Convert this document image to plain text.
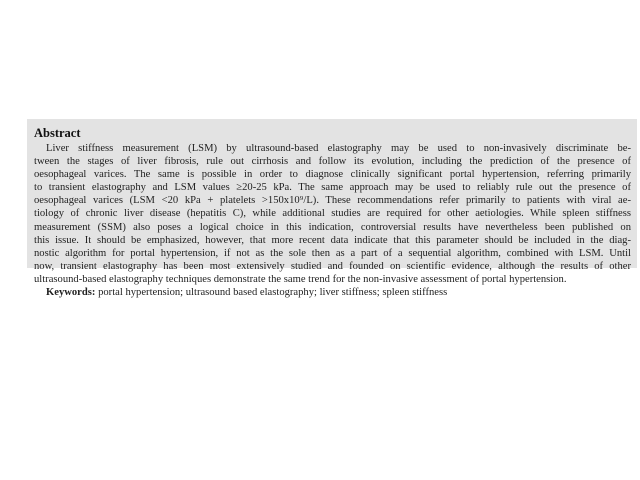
Abstract

Liver stiffness measurement (LSM) by ultrasound-based elastography may be used to non-invasively discriminate be-
tween the stages of liver fibrosis, rule out cirrhosis and follow its evolution, including the prediction of the presence of
oesophageal varices. The same is possible in order to diagnose clinically significant portal hypertension, referring primarily
to transient elastography and LSM values ≥20-25 kPa. The same approach may be used to reliably rule out the presence of
oesophageal varices (LSM <20 kPa + platelets >150x10⁹/L). These recommendations refer primarily to patients with viral ae-
tiology of chronic liver disease (hepatitis C), while additional studies are required for other aetiologies. While spleen stiffness
measurement (SSM) also poses a logical choice in this indication, controversial results have nevertheless been published on
this issue. It should be emphasized, however, that more recent data indicate that this parameter should be included in the diag-
nostic algorithm for portal hypertension, if not as the sole then as a part of a sequential algorithm, combined with LSM. Until
now, transient elastography has been most extensively studied and founded on scientific evidence, although the results of other
ultrasound-based elastography techniques demonstrate the same trend for the non-invasive assessment of portal hypertension.

Keywords: portal hypertension; ultrasound based elastography; liver stiffness; spleen stiffness
